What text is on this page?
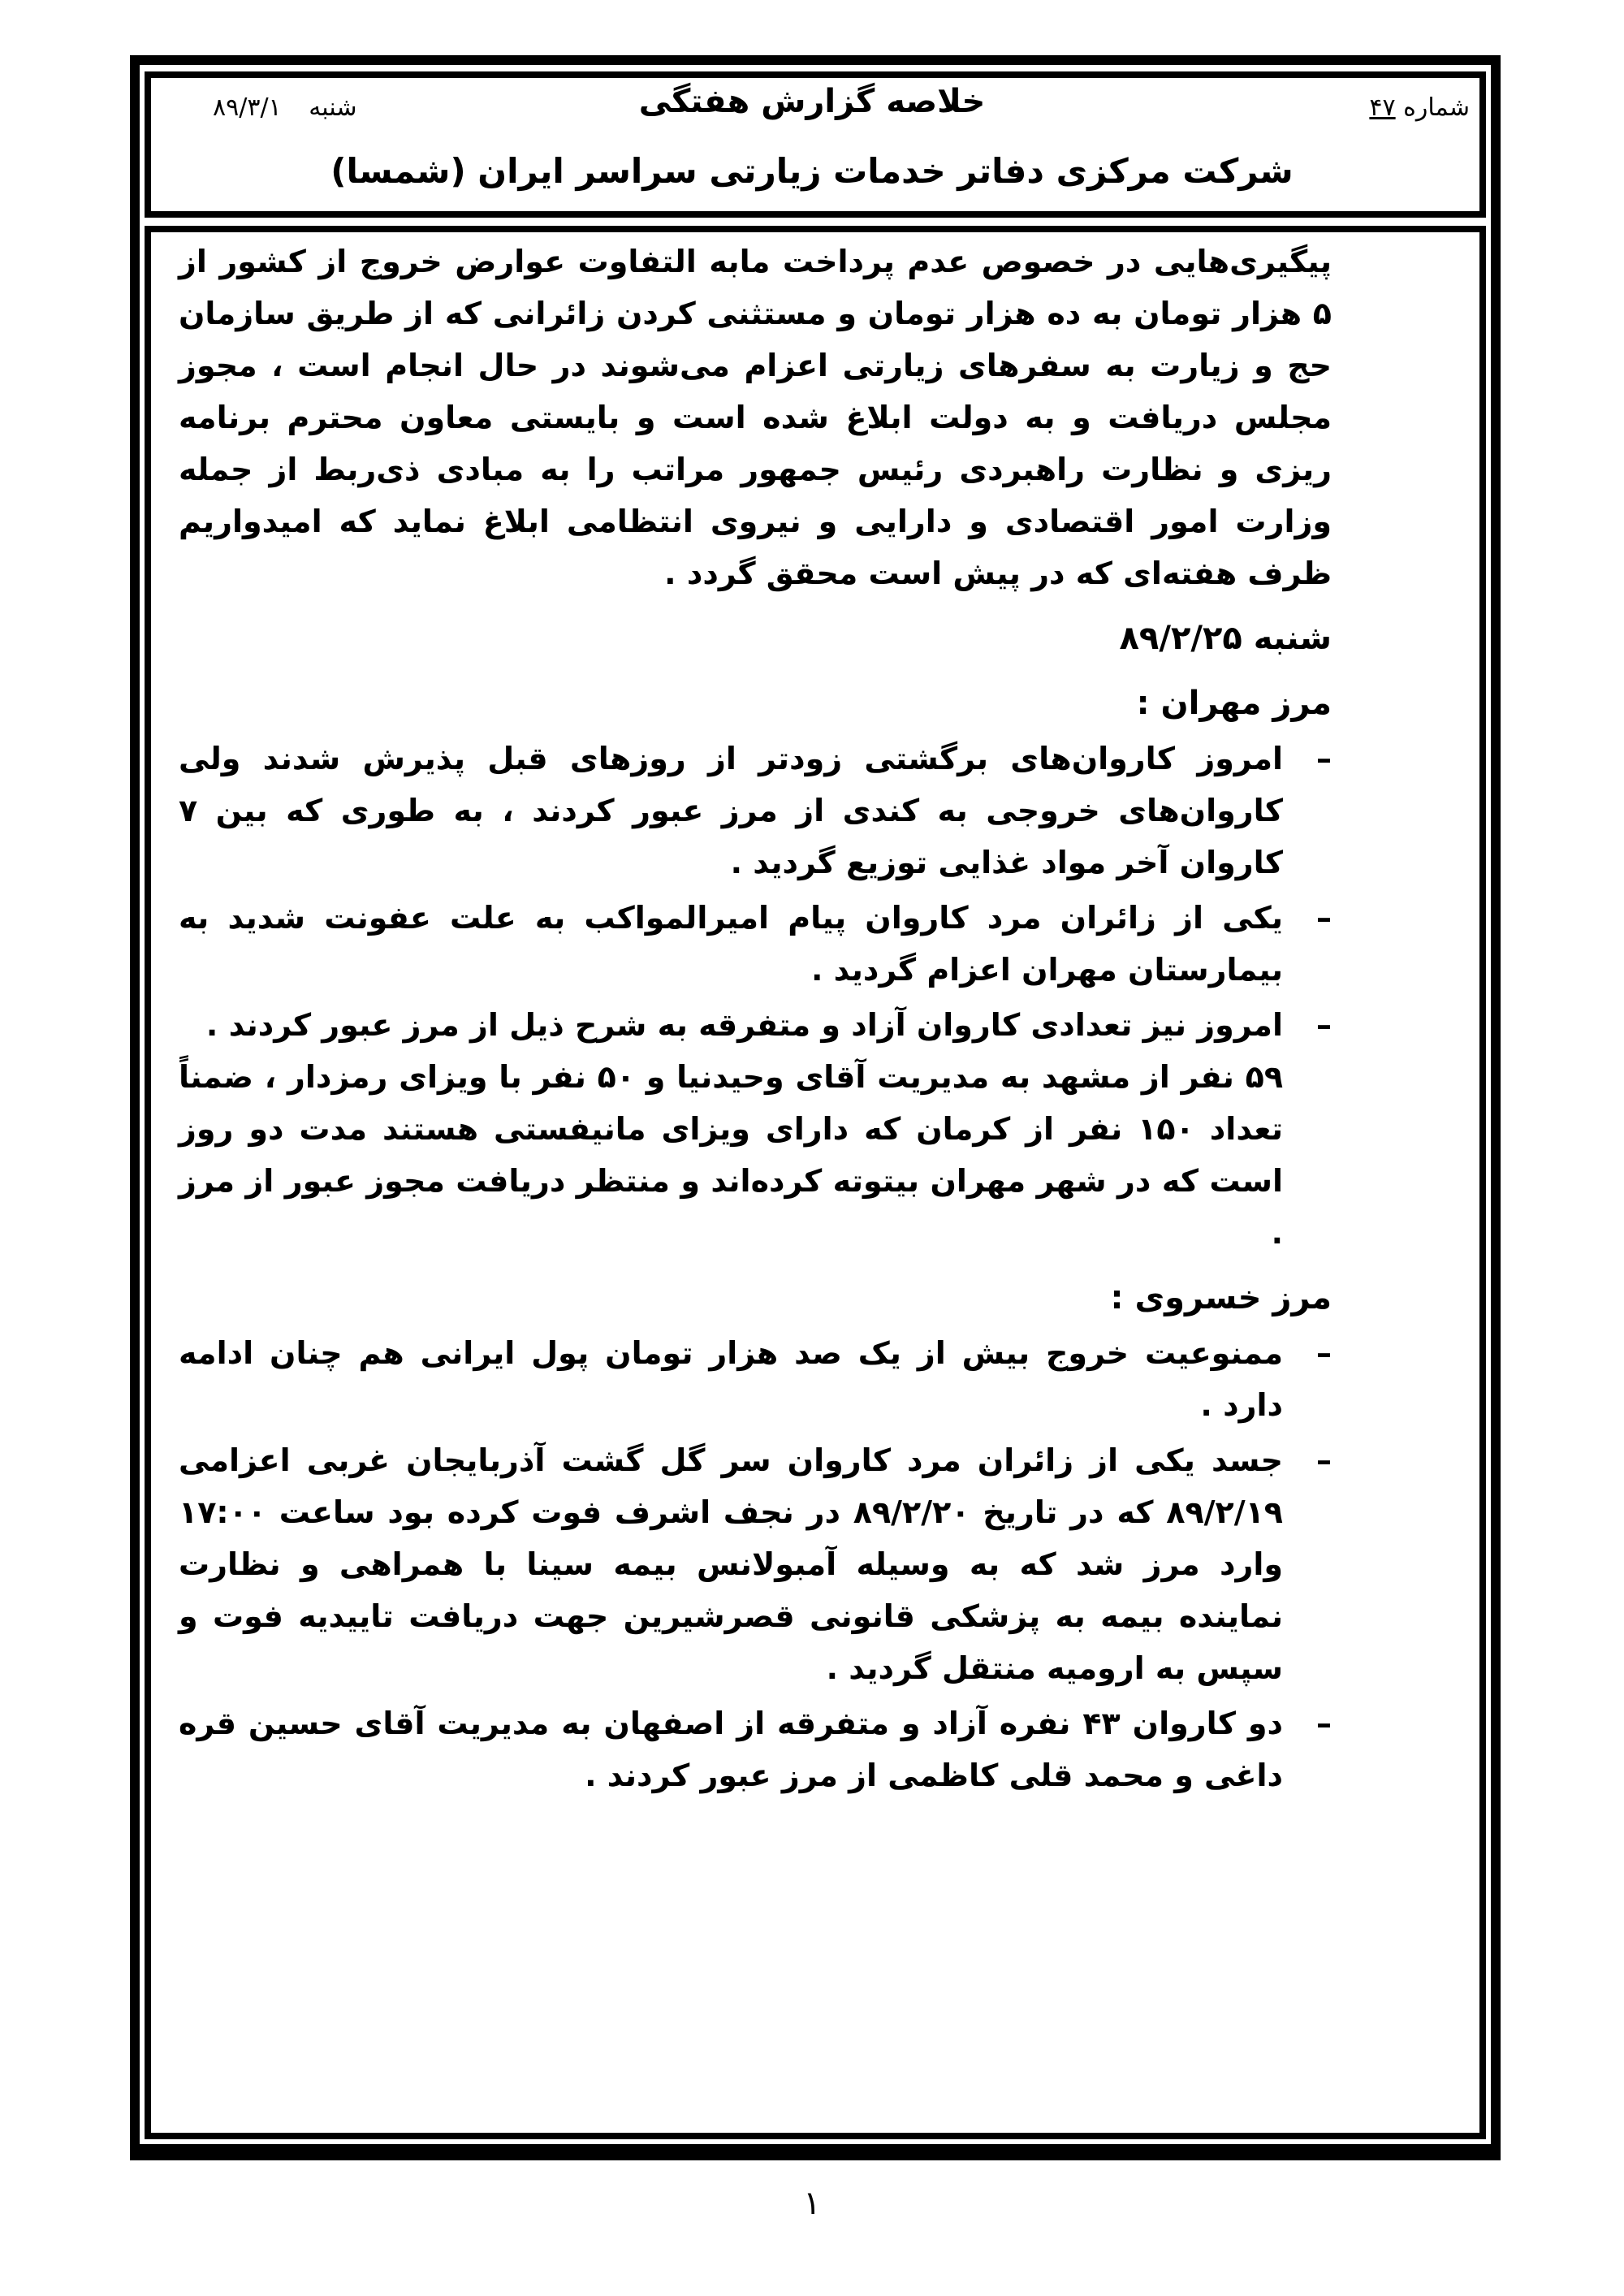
شماره ۴۷
خلاصه گزارش هفتگی
شرکت مرکزی دفاتر خدمات زیارتی سراسر ایران (شمسا)
شنبه ۸۹/۳/۱

پیگیری‌هایی در خصوص عدم پرداخت مابه التفاوت عوارض خروج از کشور از ۵ هزار تومان به ده هزار تومان و مستثنی کردن زائرانی که از طریق سازمان حج و زیارت به سفرهای زیارتی اعزام می‌شوند در حال انجام است ، مجوز مجلس دریافت و به دولت ابلاغ شده است و بایستی معاون محترم برنامه ریزی و نظارت راهبردی رئیس جمهور مراتب را به مبادی ذی‌ربط از جمله وزارت امور اقتصادی و دارایی و نیروی انتظامی ابلاغ نماید که امیدواریم ظرف هفته‌ای که در پیش است محقق گردد .

شنبه ۸۹/۲/۲۵

مرز مهران :

–
امروز کاروان‌های برگشتی زودتر از روزهای قبل پذیرش شدند ولی کاروان‌های خروجی به کندی از مرز عبور کردند ، به طوری که بین ۷ کاروان آخر مواد غذایی توزیع گردید .

–
یکی از زائران مرد کاروان پیام امیرالمواکب به علت عفونت شدید به بیمارستان مهران اعزام گردید .

–
امروز نیز تعدادی کاروان آزاد و متفرقه به شرح ذیل از مرز عبور کردند .

۵۹ نفر از مشهد به مدیریت آقای وحیدنیا و ۵۰ نفر با ویزای رمزدار ، ضمناً تعداد ۱۵۰ نفر از کرمان که دارای ویزای مانیفستی هستند مدت دو روز است که در شهر مهران بیتوته کرده‌اند و منتظر دریافت مجوز عبور از مرز .

مرز خسروی :

–
ممنوعیت خروج بیش از یک صد هزار تومان پول ایرانی هم چنان ادامه دارد .

–
جسد یکی از زائران مرد کاروان سر گل گشت آذربایجان غربی اعزامی ۸۹/۲/۱۹ که در تاریخ ۸۹/۲/۲۰ در نجف اشرف فوت کرده بود ساعت ۱۷:۰۰ وارد مرز شد که به وسیله آمبولانس بیمه سینا با همراهی و نظارت نماینده بیمه به پزشکی قانونی قصرشیرین جهت دریافت تاییدیه فوت و سپس به ارومیه منتقل گردید .

–
دو کاروان ۴۳ نفره آزاد و متفرقه از اصفهان به مدیریت آقای حسین قره داغی و محمد قلی کاظمی از مرز عبور کردند .

۱
